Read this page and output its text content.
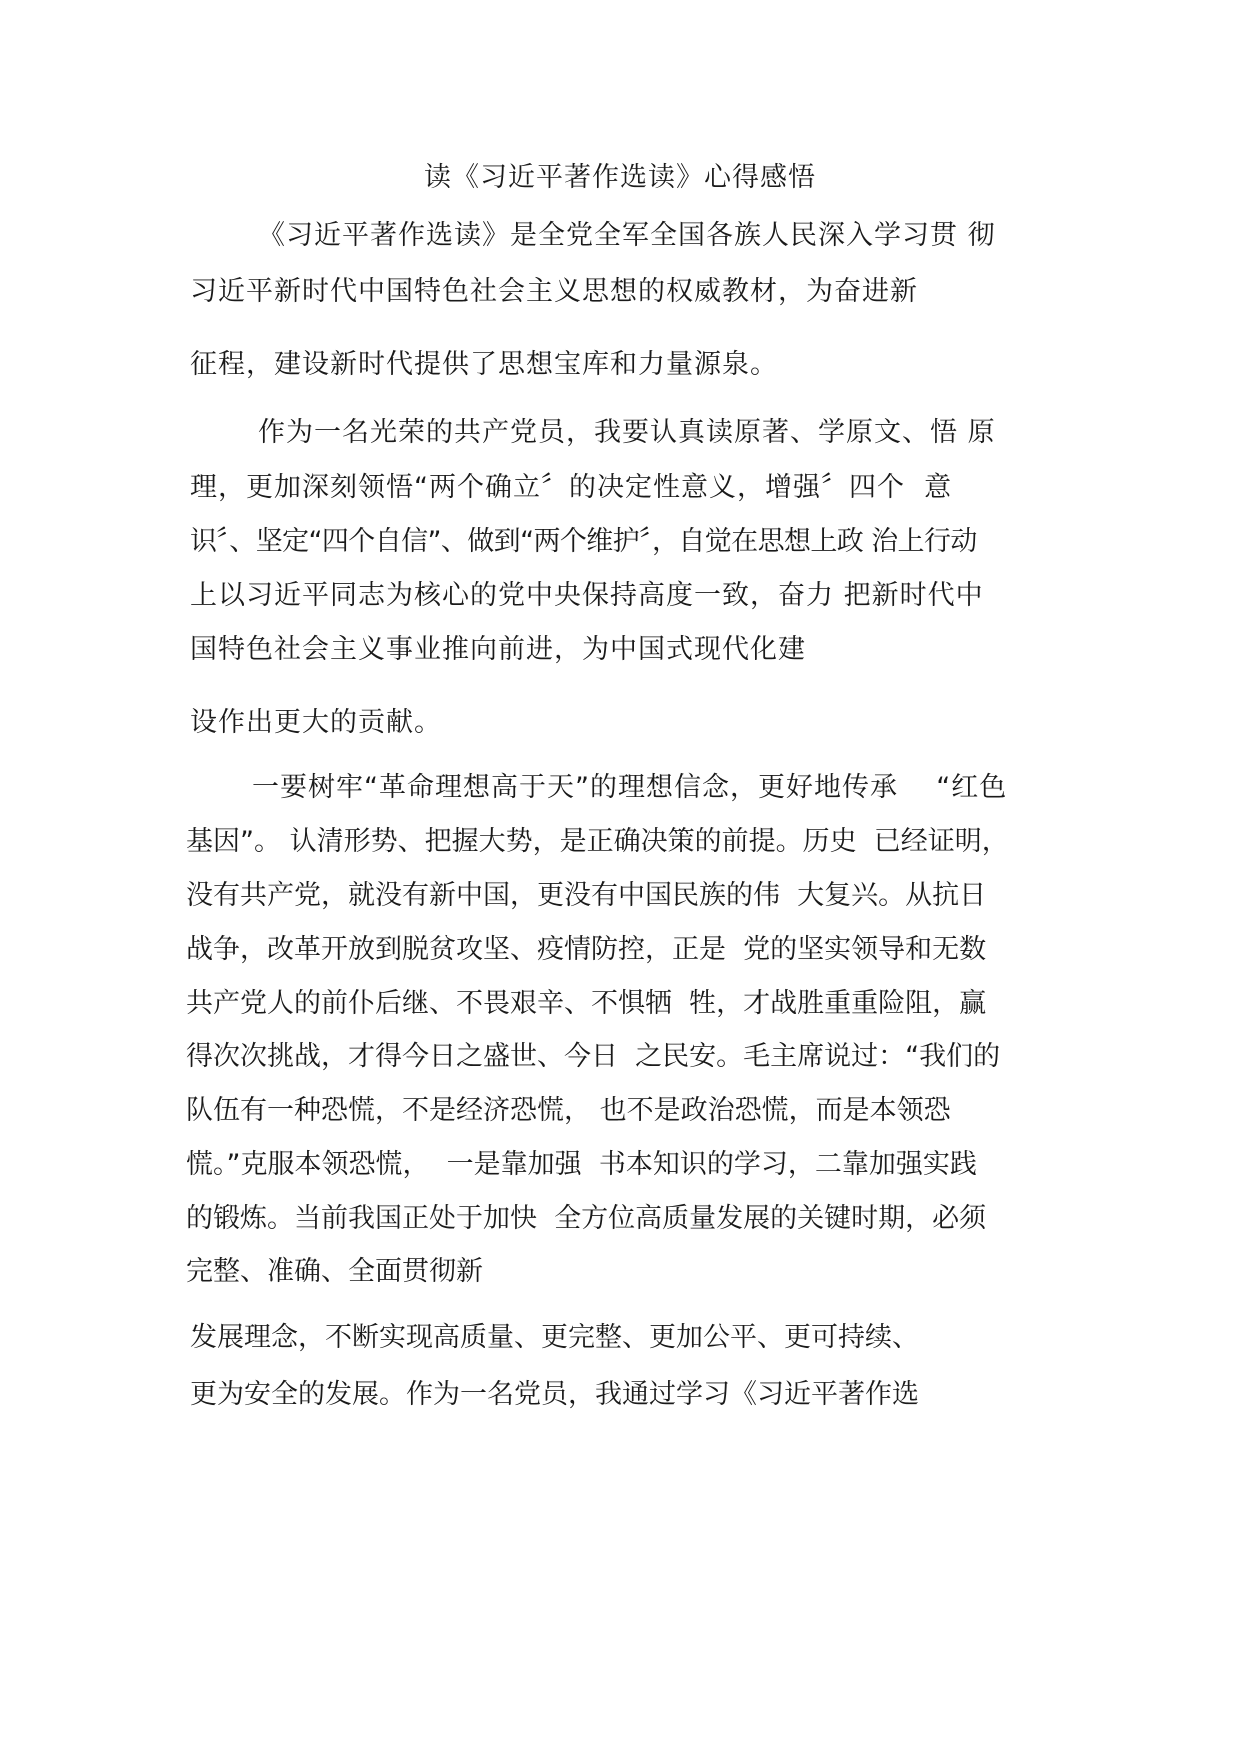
读《习近平著作选读》心得感悟
《习近平著作选读》是全党全军全国各族人民深入学习贯 彻
习近平新时代中国特色社会主义思想的权威教材，为奋进新
征程，建设新时代提供了思想宝库和力量源泉。
作为一名光荣的共产党员，我要认真读原著、学原文、悟 原
理，更加深刻领悟“两个确立〞的决定性意义，增强〞四个  意
识〞、坚定“四个自信”、做到“两个维护〞，自觉在思想上政 治上行动
上以习近平同志为核心的党中央保持高度一致，奋力 把新时代中
国特色社会主义事业推向前进，为中国式现代化建
设作出更大的贡献。
一要树牢“革命理想高于天”的理想信念，更好地传承    “红色
基因”。 认清形势、把握大势，是正确决策的前提。历史  已经证明，
没有共产党，就没有新中国，更没有中国民族的伟  大复兴。从抗日
战争，改革开放到脱贫攻坚、疫情防控，正是  党的坚实领导和无数
共产党人的前仆后继、不畏艰辛、不惧牺  牲，才战胜重重险阻，赢
得次次挑战，才得今日之盛世、今日  之民安。毛主席说过：“我们的
队伍有一种恐慌，不是经济恐慌， 也不是政治恐慌，而是本领恐
慌。”克服本领恐慌，  一是靠加强  书本知识的学习，二靠加强实践
的锻炼。当前我国正处于加快  全方位高质量发展的关键时期，必须
完整、准确、全面贯彻新
发展理念，不断实现高质量、更完整、更加公平、更可持续、
更为安全的发展。作为一名党员，我通过学习《习近平著作选
